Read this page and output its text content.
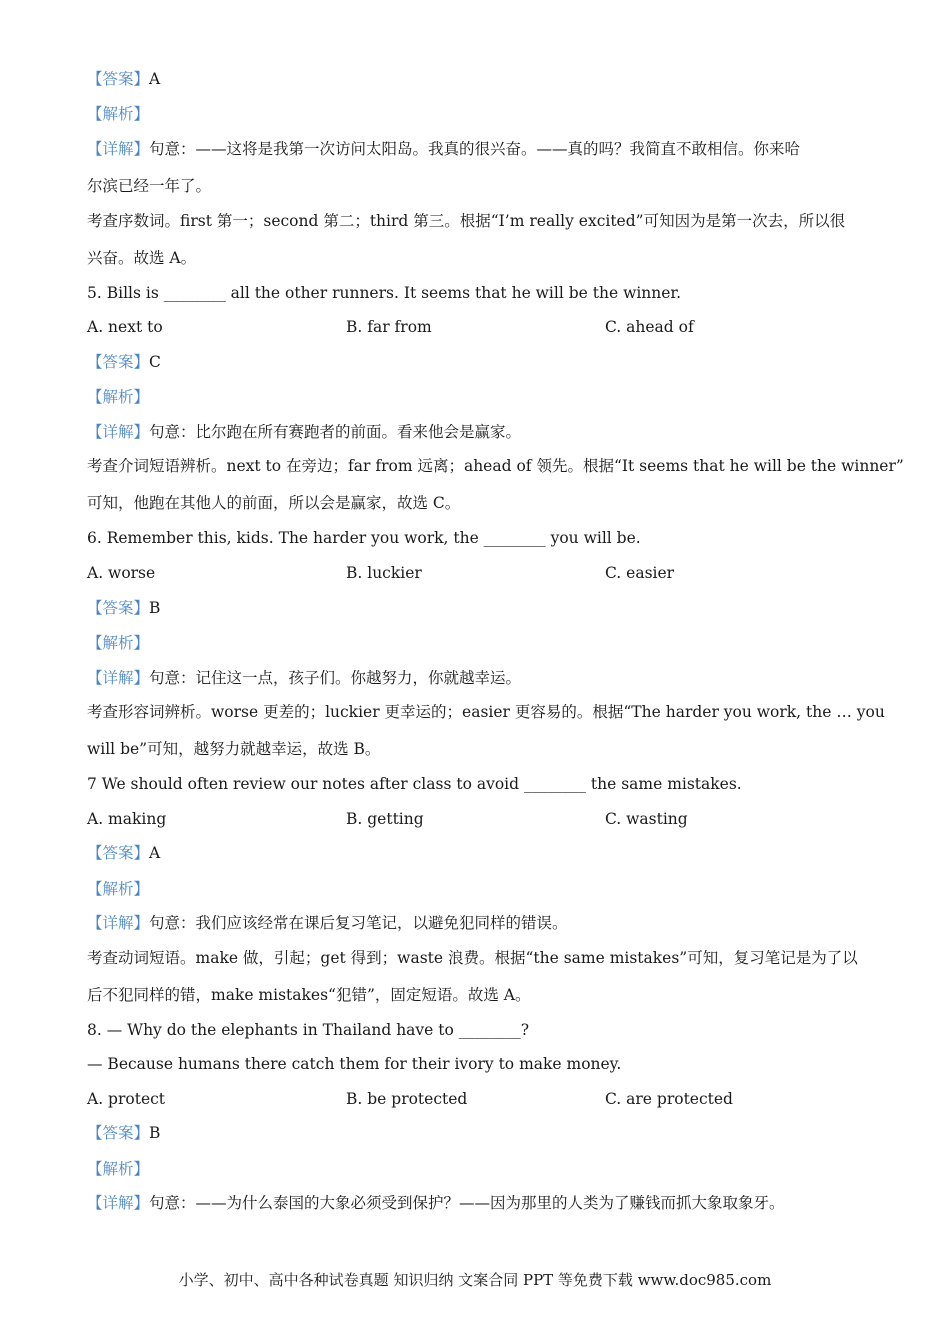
【答案】A
【解析】
【详解】句意：——这将是我第一次访问太阳岛。我真的很兴奋。——真的吗？我简直不敢相信。你来哈
尔滨已经一年了。
考查序数词。first 第一；second 第二；third 第三。根据“I’m really excited”可知因为是第一次去，所以很
兴奋。故选 A。
5. Bills is ________ all the other runners. It seems that he will be the winner.
A. next to	B. far from	C. ahead of
【答案】C
【解析】
【详解】句意：比尔跑在所有赛跑者的前面。看来他会是赢家。
考查介词短语辨析。next to 在旁边；far from 远离；ahead of 领先。根据“It seems that he will be the winner”
可知，他跑在其他人的前面，所以会是赢家，故选 C。
6. Remember this, kids. The harder you work, the ________ you will be.
A. worse	B. luckier	C. easier
【答案】B
【解析】
【详解】句意：记住这一点，孩子们。你越努力，你就越幸运。
考查形容词辨析。worse 更差的；luckier 更幸运的；easier 更容易的。根据“The harder you work, the … you
will be”可知，越努力就越幸运，故选 B。
7 We should often review our notes after class to avoid ________ the same mistakes.
A. making	B. getting	C. wasting
【答案】A
【解析】
【详解】句意：我们应该经常在课后复习笔记，以避免犯同样的错误。
考查动词短语。make 做，引起；get 得到；waste 浪费。根据“the same mistakes”可知，复习笔记是为了以
后不犯同样的错，make mistakes“犯错”，固定短语。故选 A。
8. — Why do the elephants in Thailand have to ________?
— Because humans there catch them for their ivory to make money.
A. protect	B. be protected	C. are protected
【答案】B
【解析】
【详解】句意：——为什么泰国的大象必须受到保护？——因为那里的人类为了赚钱而抓大象取象牙。
小学、初中、高中各种试卷真题 知识归纳 文案合同 PPT 等免费下载 www.doc985.com
